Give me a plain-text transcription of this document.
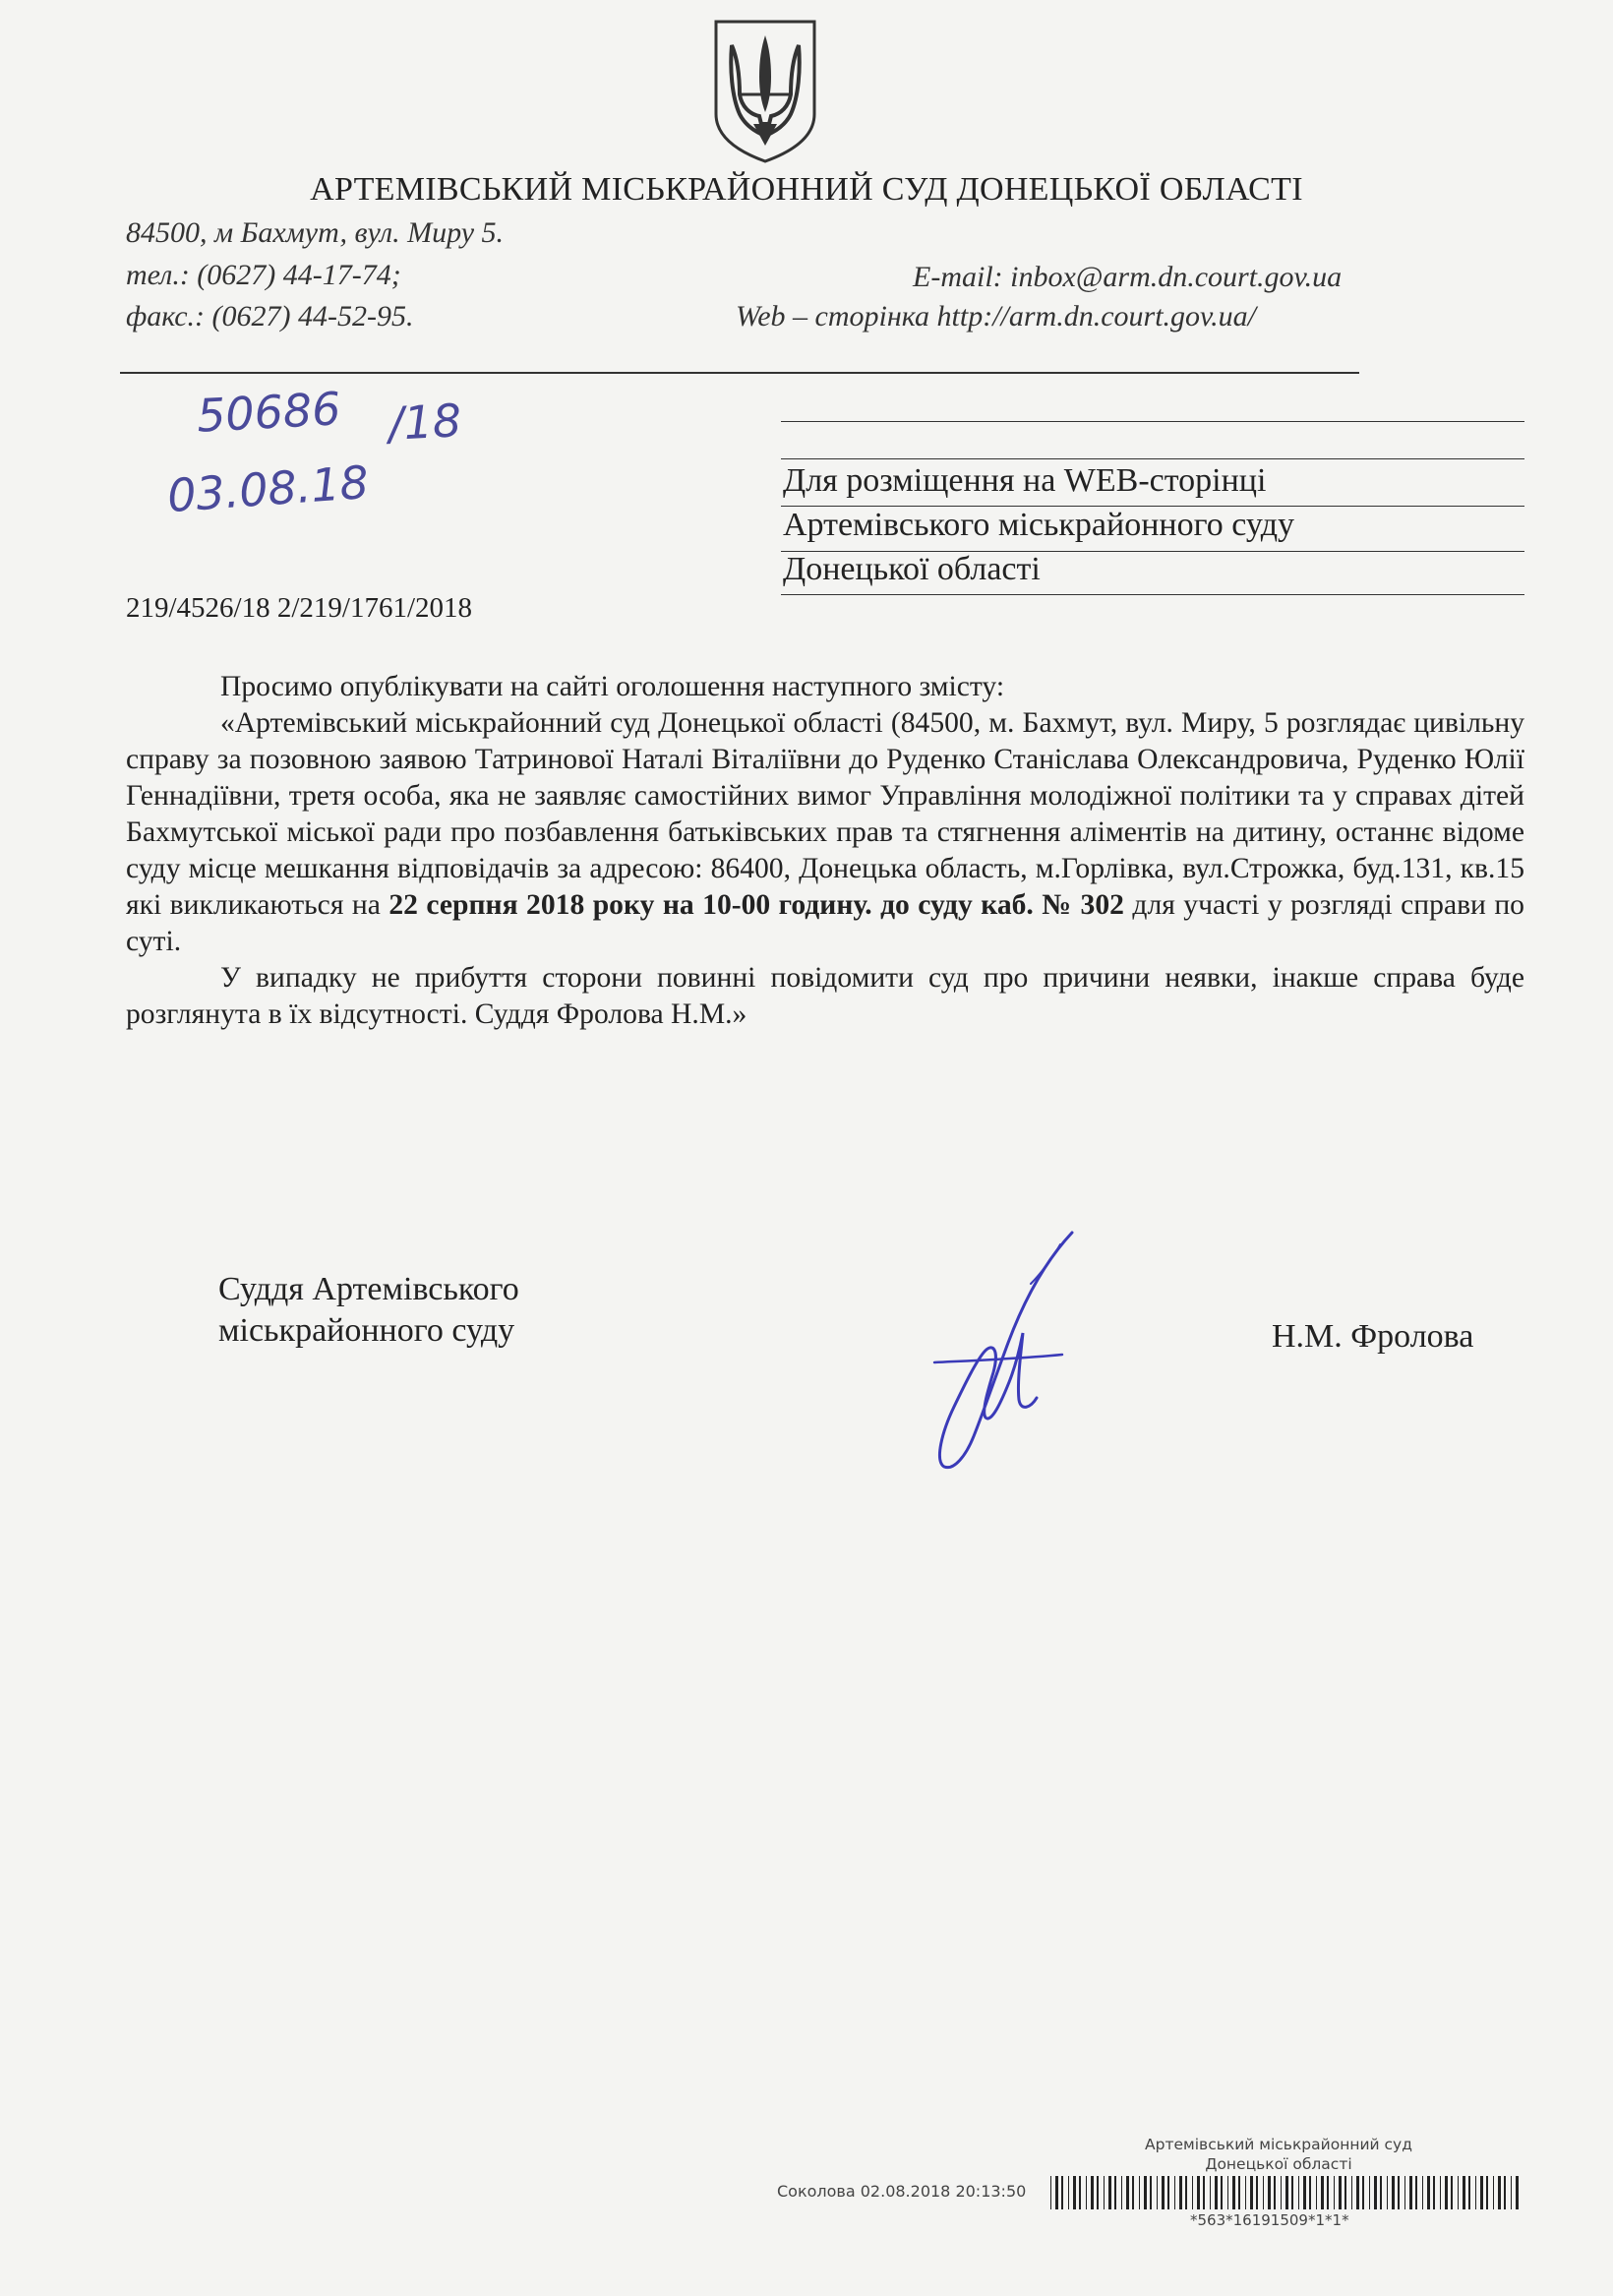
АРТЕМІВСЬКИЙ МІСЬКРАЙОННИЙ СУД ДОНЕЦЬКОЇ ОБЛАСТІ
84500, м Бахмут, вул. Миру 5.
тел.: (0627) 44-17-74;
факс.: (0627) 44-52-95.
E-mail: inbox@arm.dn.court.gov.ua
Web – сторінка http://arm.dn.court.gov.ua/
50686 /18
03.08.18	Для розміщення на WEB-сторінці
Артемівського міськрайонного суду
Донецької області
219/4526/18 2/219/1761/2018

Просимо опублікувати на сайті оголошення наступного змісту:

«Артемівський міськрайонний суд Донецької області (84500, м. Бахмут, вул. Миру, 5 розглядає цивільну справу за позовною заявою Татринової Наталі Віталіївни до Руденко Станіслава Олександровича, Руденко Юлії Геннадіївни, третя особа, яка не заявляє самостійних вимог Управління молодіжної політики та у справах дітей Бахмутської міської ради про позбавлення батьківських прав та стягнення аліментів на дитину, останнє відоме суду місце мешкання відповідачів за адресою: 86400, Донецька область, м.Горлівка, вул.Строжка, буд.131, кв.15 які викликаються на 22 серпня 2018 року на 10-00 годину. до суду каб. № 302 для участі у розгляді справи по суті.

У випадку не прибуття сторони повинні повідомити суд про причини неявки, інакше справа буде розглянута в їх відсутності. Суддя Фролова Н.М.»

Суддя Артемівського
міськрайонного суду	Н.М. Фролова
Артемівський міськрайонний суд
Донецької області
Соколова 02.08.2018 20:13:50
*563*16191509*1*1*
